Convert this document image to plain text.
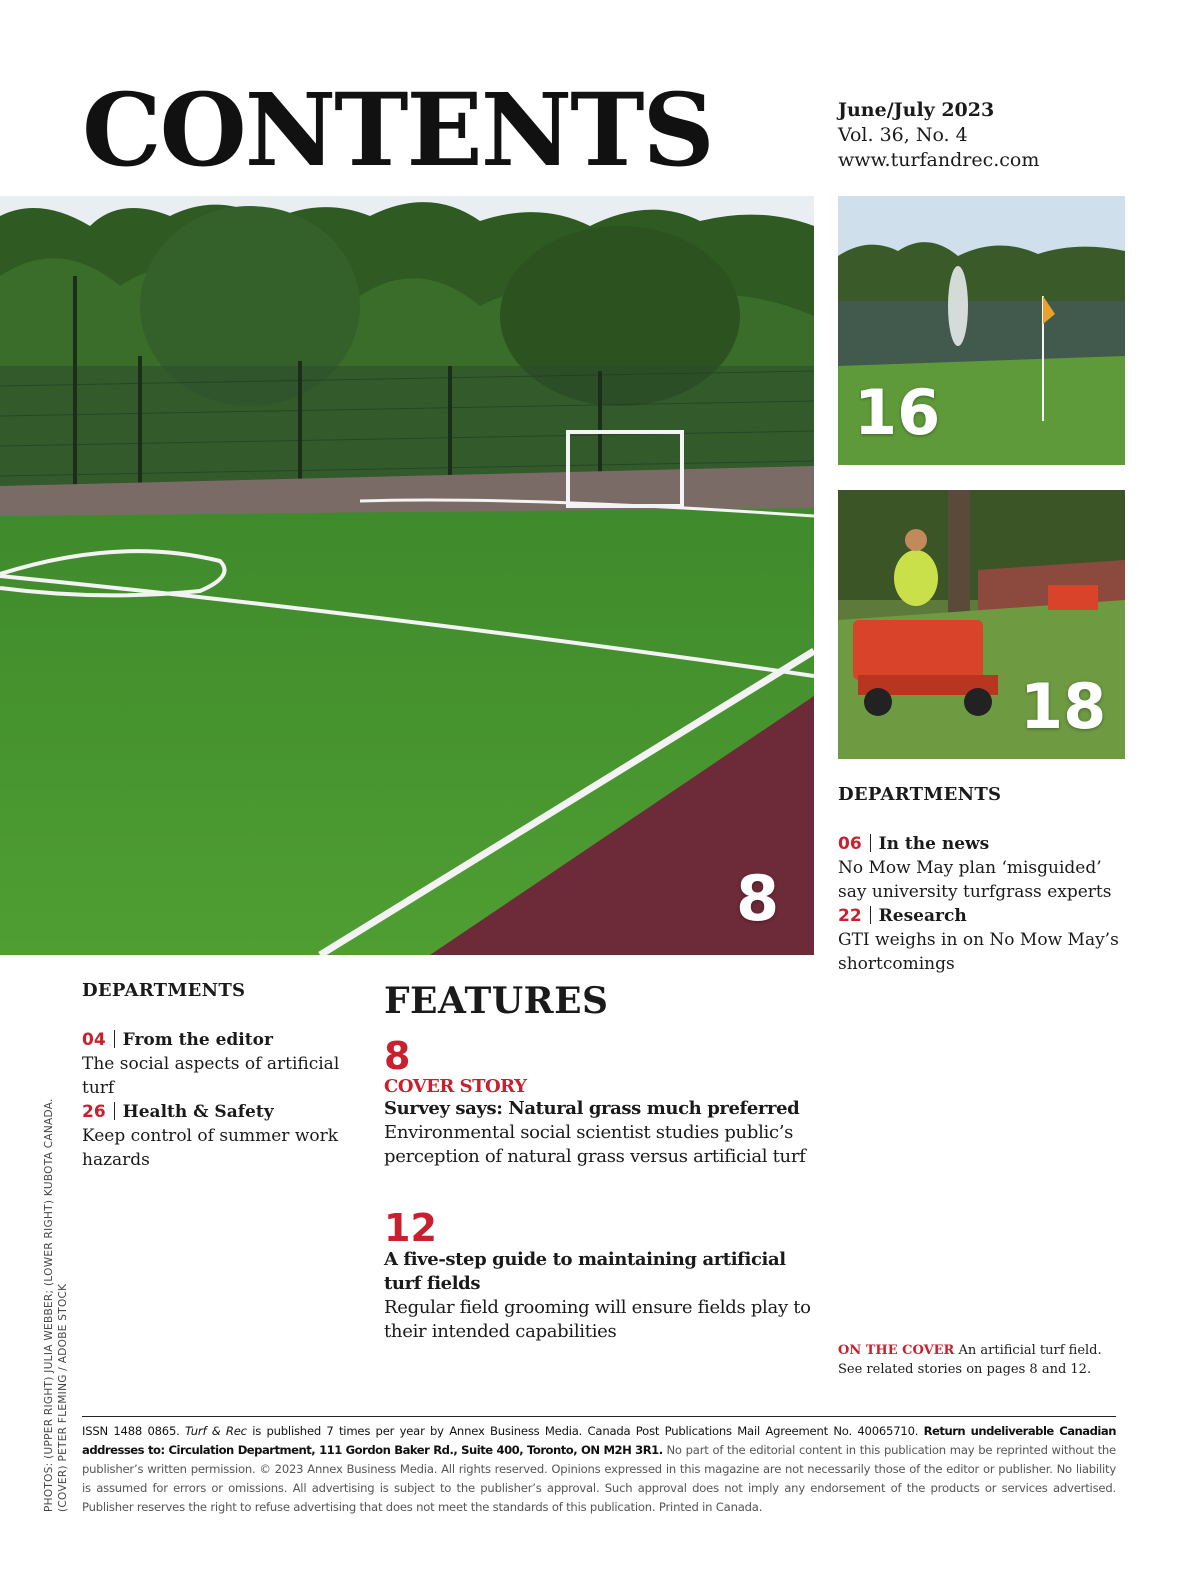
CONTENTS	June/July 2023
Vol. 36, No. 4
www.turfandrec.com
8
16
18
DEPARTMENTS
06 In the news
No Mow May plan ‘misguided’ say university turfgrass experts
22 Research
GTI weighs in on No Mow May’s shortcomings
DEPARTMENTS
04 From the editor
The social aspects of artificial turf
26 Health & Safety
Keep control of summer work hazards
FEATURES
8
COVER STORY
Survey says: Natural grass much preferred
Environmental social scientist studies public’s perception of natural grass versus artificial turf
12
A five-step guide to maintaining artificial turf fields
Regular field grooming will ensure fields play to their intended capabilities
ON THE COVER An artificial turf field. See related stories on pages 8 and 12.
PHOTOS: (UPPER RIGHT) JULIA WEBBER; (LOWER RIGHT) KUBOTA CANADA. (COVER) PETER FLEMING / ADOBE STOCK ISSN 1488 0865. Turf & Rec is published 7 times per year by Annex Business Media. Canada Post Publications Mail Agreement No. 40065710. Return undeliverable Canadian addresses to: Circulation Department, 111 Gordon Baker Rd., Suite 400, Toronto, ON M2H 3R1. No part of the editorial content in this publication may be reprinted without the publisher’s written permission. © 2023 Annex Business Media. All rights reserved. Opinions expressed in this magazine are not necessarily those of the editor or publisher. No liability is assumed for errors or omissions. All advertising is subject to the publisher’s approval. Such approval does not imply any endorsement of the products or services advertised. Publisher reserves the right to refuse advertising that does not meet the standards of this publication. Printed in Canada.
